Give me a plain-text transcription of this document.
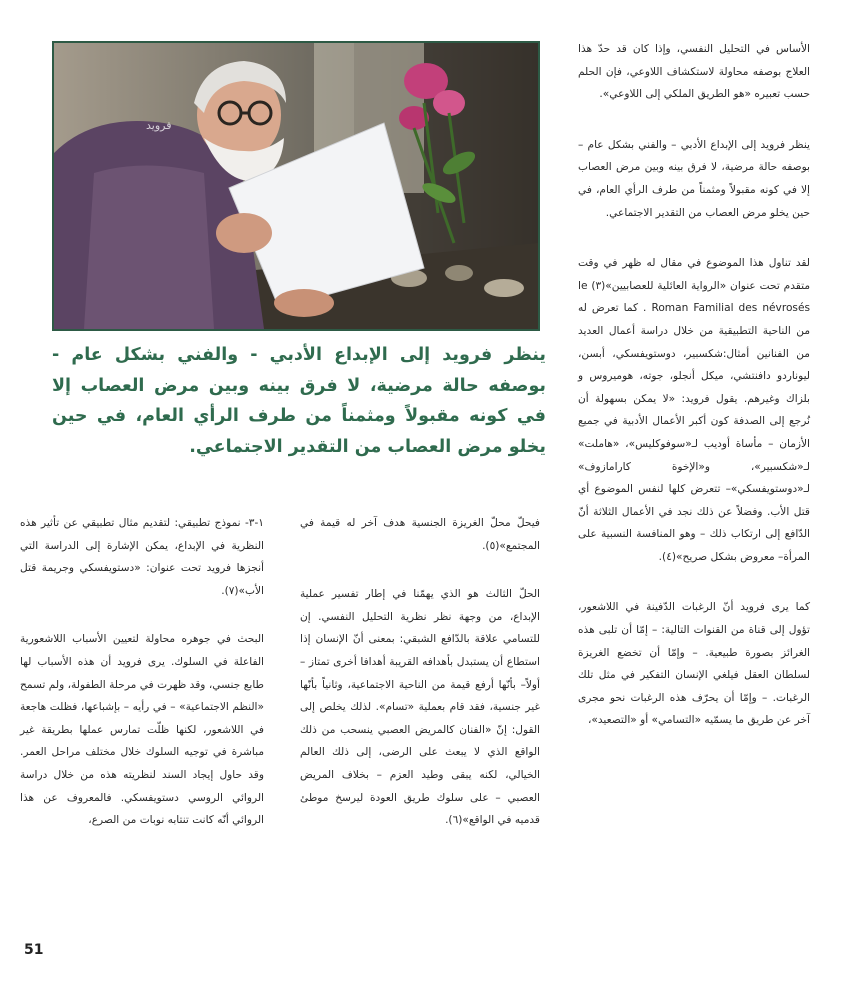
فرويد

ينظر فرويد إلى الإبداع الأدبي - والفني بشكل عام - بوصفه حالة مرضية، لا فرق بينه وبين مرض العصاب إلا في كونه مقبولاً ومثمناً من طرف الرأي العام، في حين يخلو مرض العصاب من التقدير الاجتماعي.

الأساس في التحليل النفسي، وإذا كان قد حدّ هذا العلاج بوصفه محاولة لاستكشاف اللاوعي، فإن الحلم حسب تعبيره «هو الطريق الملكي إلى اللاوعي».

ينظر فرويد إلى الإبداع الأدبي – والفني بشكل عام – بوصفه حالة مرضية، لا فرق بينه وبين مرض العصاب إلا في كونه مقبولاً ومثمناً من طرف الرأي العام، في حين يخلو مرض العصاب من التقدير الاجتماعي.

لقد تناول هذا الموضوع في مقال له ظهر في وقت متقدم تحت عنوان «الرواية العائلية للعصابيين»(٣) le Roman Familial des névrosés . كما تعرض له من الناحية التطبيقية من خلال دراسة أعمال العديد من الفنانين أمثال:شكسبير، دوستويفسكي، أبسن، ليوناردو دافنتشي، ميكل أنجلو، جوته، هوميروس و بلزاك وغيرهم. يقول فرويد: «لا يمكن بسهولة أن نُرجع إلى الصدفة كون أكبر الأعمال الأدبية في جميع الأزمان – مأساة أوديب لـ«سوفوكليس»، «هاملت» لـ«شكسبير»، و«الإخوة كارامازوف» لـ«دوستويفسكي»– تتعرض كلها لنفس الموضوع أي قتل الأب. وفضلاً عن ذلك نجد في الأعمال الثلاثة أنّ الدّافع إلى ارتكاب ذلك – وهو المنافسة النسبية على المرأة– معروض بشكل صريح»(٤).

كما يرى فرويد أنّ الرغبات الدّفينة في اللاشعور، تؤول إلى قناة من القنوات التالية: – إمّا أن تلبى هذه الغرائز بصورة طبيعية. – وإمّا أن تخضع الغريزة لسلطان العقل فيلغي الإنسان التفكير في مثل تلك الرغبات. – وإمّا أن يحرّف هذه الرغبات نحو مجرى آخر عن طريق ما يسمّيه «التسامي» أو «التصعيد»،

فيحلّ محلّ الغريزة الجنسية هدف آخر له قيمة في المجتمع»(٥).

الحلّ الثالث هو الذي يهمّنا في إطار تفسير عملية الإبداع، من وجهة نظر نظرية التحليل النفسي. إن للتسامي علاقة بالدّافع الشبقي: بمعنى أنّ الإنسان إذا استطاع أن يستبدل بأهدافه القريبة أهدافا أخرى تمتاز – أولاً– بأنّها أرفع قيمة من الناحية الاجتماعية، وثانياً بأنّها غير جنسية، فقد قام بعملية «تسام». لذلك يخلص إلى القول: إنّ «الفنان كالمريض العصبي ينسحب من ذلك الواقع الذي لا يبعث على الرضى، إلى ذلك العالم الخيالي، لكنه يبقى وطيد العزم – بخلاف المريض العصبي – على سلوك طريق العودة ليرسخ موطئ قدميه في الواقع»(٦).

١-٣- نموذج تطبيقي: لتقديم مثال تطبيقي عن تأثير هذه النظرية في الإبداع، يمكن الإشارة إلى الدراسة التي أنجزها فرويد تحت عنوان: «دستويفسكي وجريمة قتل الأب»(٧).

البحث في جوهره محاولة لتعيين الأسباب اللاشعورية الفاعلة في السلوك. يرى فرويد أن هذه الأسباب لها طابع جنسي، وقد ظهرت في مرحلة الطفولة، ولم تسمح «النظم الاجتماعية» – في رأيه – بإشباعها، فظلت هاجعة في اللاشعور، لكنها ظلّت تمارس عملها بطريقة غير مباشرة في توجيه السلوك خلال مختلف مراحل العمر. وقد حاول إيجاد السند لنظريته هذه من خلال دراسة الروائي الروسي دستويفسكي. فالمعروف عن هذا الروائي أنّه كانت تنتابه نوبات من الصرع،

51
